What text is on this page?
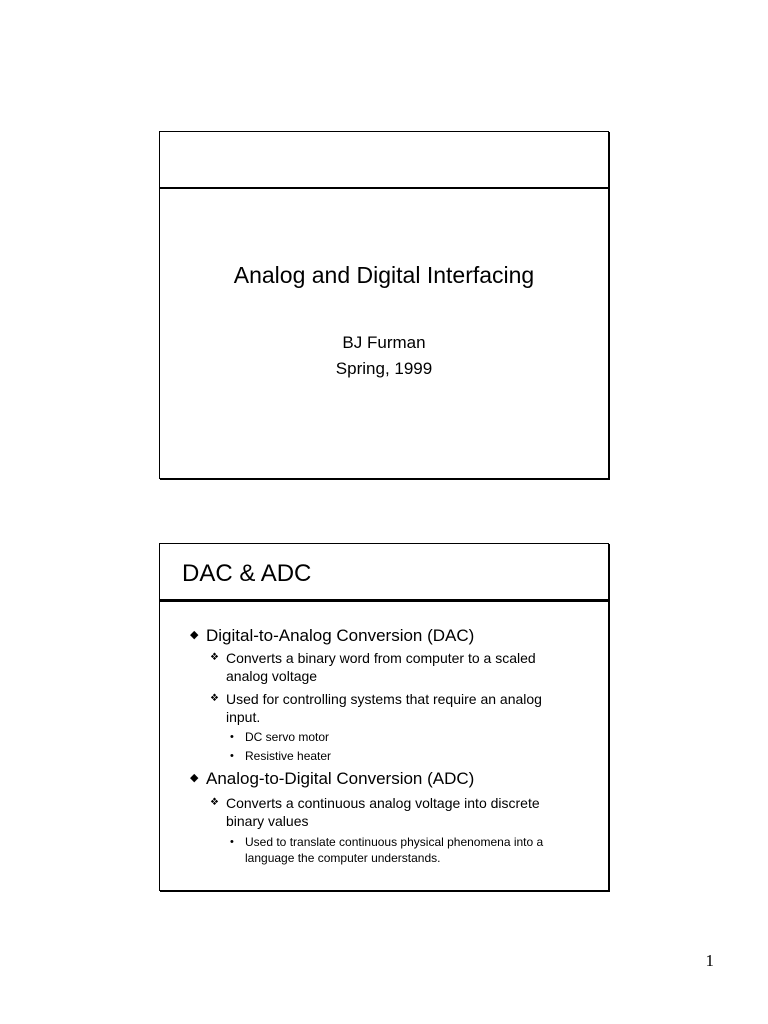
Analog and Digital Interfacing
BJ Furman
Spring, 1999
DAC & ADC
◆ Digital-to-Analog Conversion (DAC)
❖ Converts a binary word from computer to a scaled analog voltage
❖ Used for controlling systems that require an analog input.
• DC servo motor
• Resistive heater
◆ Analog-to-Digital Conversion (ADC)
❖ Converts a continuous analog voltage into discrete binary values
• Used to translate continuous physical phenomena into a language the computer understands.
1
